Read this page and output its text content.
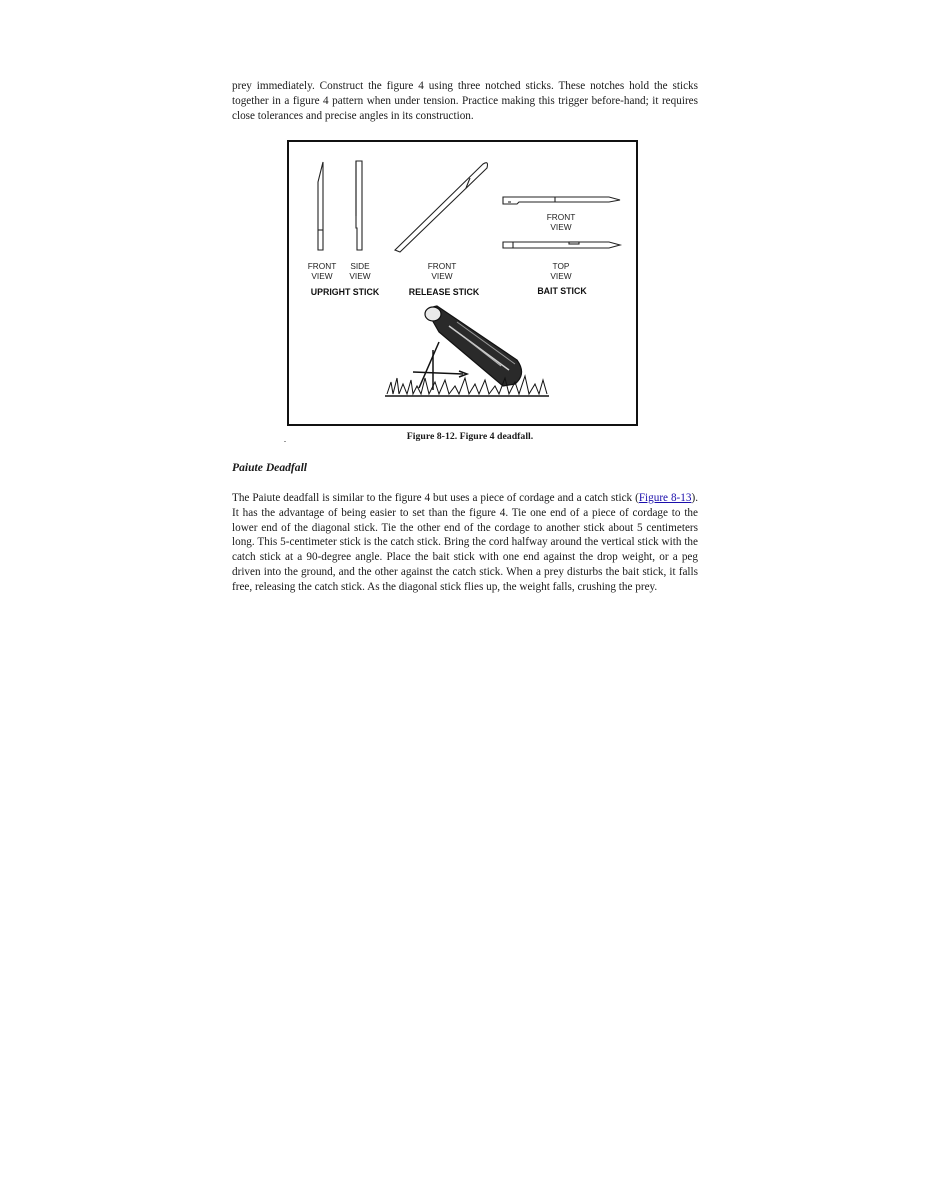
prey immediately. Construct the figure 4 using three notched sticks. These notches hold the sticks together in a figure 4 pattern when under tension. Practice making this trigger before-hand; it requires close tolerances and precise angles in its construction.

FRONT
VIEW
SIDE
VIEW
UPRIGHT STICK
FRONT
VIEW
RELEASE STICK
FRONT
VIEW
TOP
VIEW
BAIT STICK
Figure 8-12. Figure 4 deadfall.
Paiute Deadfall

The Paiute deadfall is similar to the figure 4 but uses a piece of cordage and a catch stick (Figure 8-13). It has the advantage of being easier to set than the figure 4. Tie one end of a piece of cordage to the lower end of the diagonal stick. Tie the other end of the cordage to another stick about 5 centimeters long. This 5-centimeter stick is the catch stick. Bring the cord halfway around the vertical stick with the catch stick at a 90-degree angle. Place the bait stick with one end against the drop weight, or a peg driven into the ground, and the other against the catch stick. When a prey disturbs the bait stick, it falls free, releasing the catch stick. As the diagonal stick flies up, the weight falls, crushing the prey.
